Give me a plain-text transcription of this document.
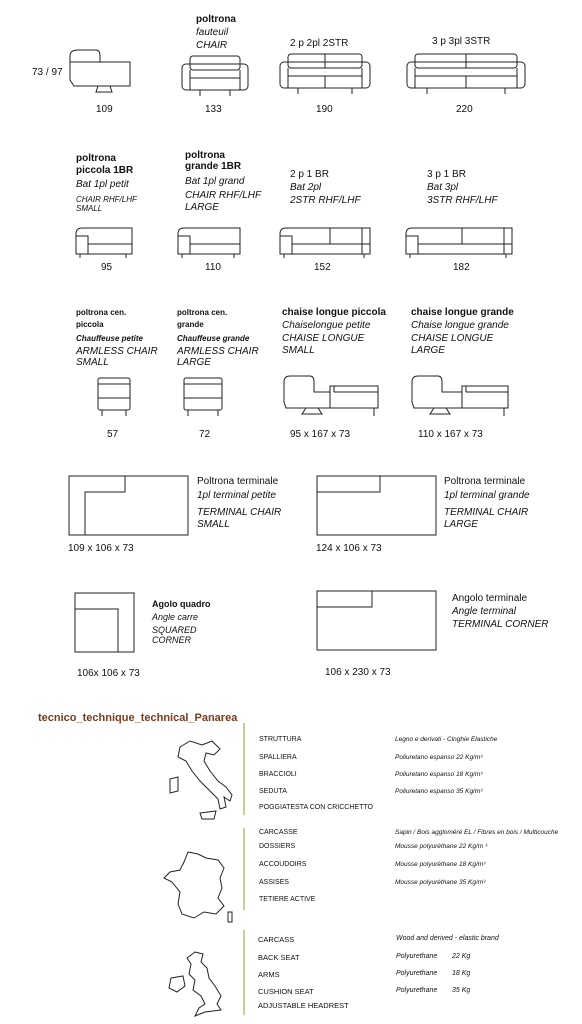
73 / 97
109
poltrona
fauteuil
CHAIR
133
2 p 2pl 2STR
190
3 p 3pl 3STR
220
poltrona
piccola 1BR
Bat 1pl petit
CHAIR RHF/LHF
SMALL
95
poltrona
grande 1BR
Bat 1pl grand
CHAIR RHF/LHF
LARGE
110
2 p 1 BR
Bat 2pl
2STR RHF/LHF
152
3 p 1 BR
Bat 3pl
3STR RHF/LHF
182
poltrona cen.
piccola
Chauffeuse petite
ARMLESS CHAIR
SMALL
57
poltrona cen.
grande
Chauffeuse grande
ARMLESS CHAIR
LARGE
72
chaise longue piccola
Chaiselongue petite
CHAISE LONGUE
SMALL
95 x 167 x 73
chaise longue grande
Chaise longue grande
CHAISE LONGUE
LARGE
110 x 167 x 73
Poltrona terminale
1pl terminal petite
TERMINAL CHAIR
SMALL
109 x 106 x 73
Poltrona terminale
1pl terminal grande
TERMINAL CHAIR
LARGE
124 x 106 x 73
Agolo quadro
Angle carre
SQUARED
CORNER
106x 106 x 73
Angolo terminale
Angle terminal
TERMINAL CORNER
106 x 230 x 73
tecnico_technique_technical_Panarea
STRUTTURA	Legno e derivati - Cinghie Elastiche
SPALLIERA	Poliuretano espanso 22 Kg/m³
BRACCIOLI	Poliuretano espanso 18 Kg/m³
SEDUTA	Poliuretano espanso 35 Kg/m³
POGGIATESTA CON CRICCHETTO
CARCASSE	Sapin / Bois aggloméré EL / Fibres en bois / Multicouche
DOSSIERS	Mousse polyuréthane 22 Kg/m ³
ACCOUDOIRS	Mousse polyuréthane 18 Kg/m³
ASSISES	Mousse polyuréthane 35 Kg/m³
TETIERE ACTIVE
CARCASS	Wood and derived - elastic brand
BACK SEAT	Polyurethane 22 Kg
ARMS	Polyurethane 18 Kg
CUSHION SEAT	Polyurethane 35 Kg
ADJUSTABLE HEADREST
